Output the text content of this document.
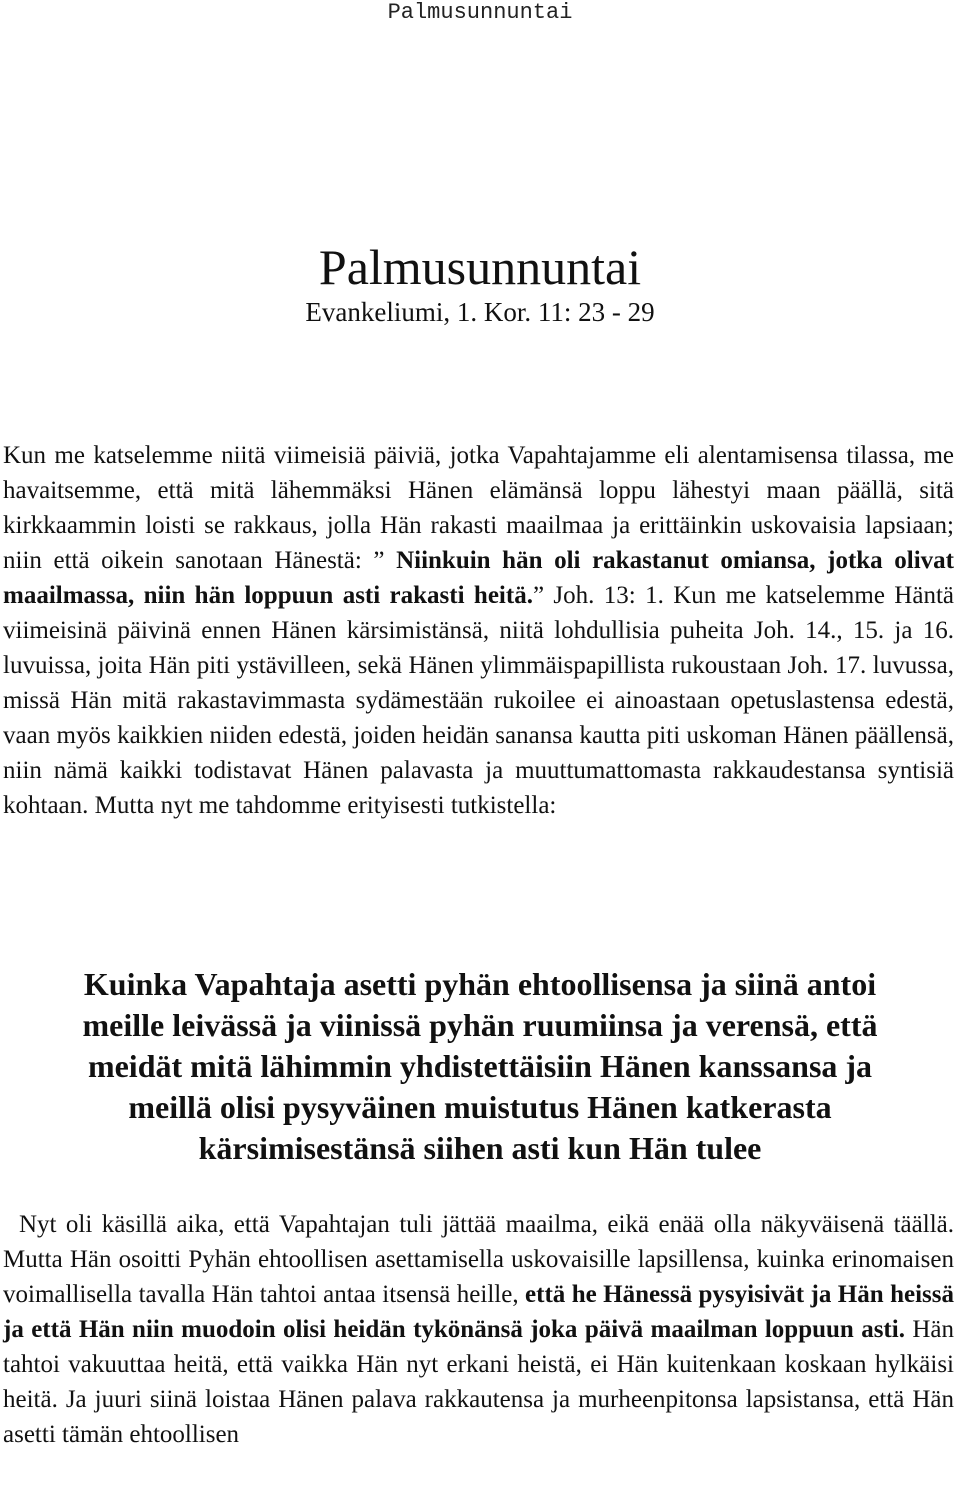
Palmusunnuntai
Palmusunnuntai
Evankeliumi, 1. Kor. 11: 23 - 29

Kun me katselemme niitä viimeisiä päiviä, jotka Vapahtajamme eli alentamisensa tilassa, me havaitsemme, että mitä lähemmäksi Hänen elämänsä loppu lähestyi maan päällä, sitä kirkkaammin loisti se rakkaus, jolla Hän rakasti maailmaa ja erittäinkin uskovaisia lapsiaan; niin että oikein sanotaan Hänestä: ” Niinkuin hän oli rakastanut omiansa, jotka olivat maailmassa, niin hän loppuun asti rakasti heitä.” Joh. 13: 1. Kun me katselemme Häntä viimeisinä päivinä ennen Hänen kärsimistänsä, niitä lohdullisia puheita Joh. 14., 15. ja 16. luvuissa, joita Hän piti ystävilleen, sekä Hänen ylimmäispapillista rukoustaan Joh. 17. luvussa, missä Hän mitä rakastavimmasta sydämestään rukoilee ei ainoastaan opetuslastensa edestä, vaan myös kaikkien niiden edestä, joiden heidän sanansa kautta piti uskoman Hänen päällensä, niin nämä kaikki todistavat Hänen palavasta ja muuttumattomasta rakkaudestansa syntisiä kohtaan. Mutta nyt me tahdomme erityisesti tutkistella:

Kuinka Vapahtaja asetti pyhän ehtoollisensa ja siinä antoi
meille leivässä ja viinissä pyhän ruumiinsa ja verensä, että
meidät mitä lähimmin yhdistettäisiin Hänen kanssansa ja
meillä olisi pysyväinen muistutus Hänen katkerasta
kärsimisestänsä siihen asti kun Hän tulee

Nyt oli käsillä aika, että Vapahtajan tuli jättää maailma, eikä enää olla näkyväisenä täällä. Mutta Hän osoitti Pyhän ehtoollisen asettamisella uskovaisille lapsillensa, kuinka erinomaisen voimallisella tavalla Hän tahtoi antaa itsensä heille, että he Hänessä pysyisivät ja Hän heissä ja että Hän niin muodoin olisi heidän tykönänsä joka päivä maailman loppuun asti. Hän tahtoi vakuuttaa heitä, että vaikka Hän nyt erkani heistä, ei Hän kuitenkaan koskaan hylkäisi heitä. Ja juuri siinä loistaa Hänen palava rakkautensa ja murheenpitonsa lapsistansa, että Hän asetti tämän ehtoollisen
